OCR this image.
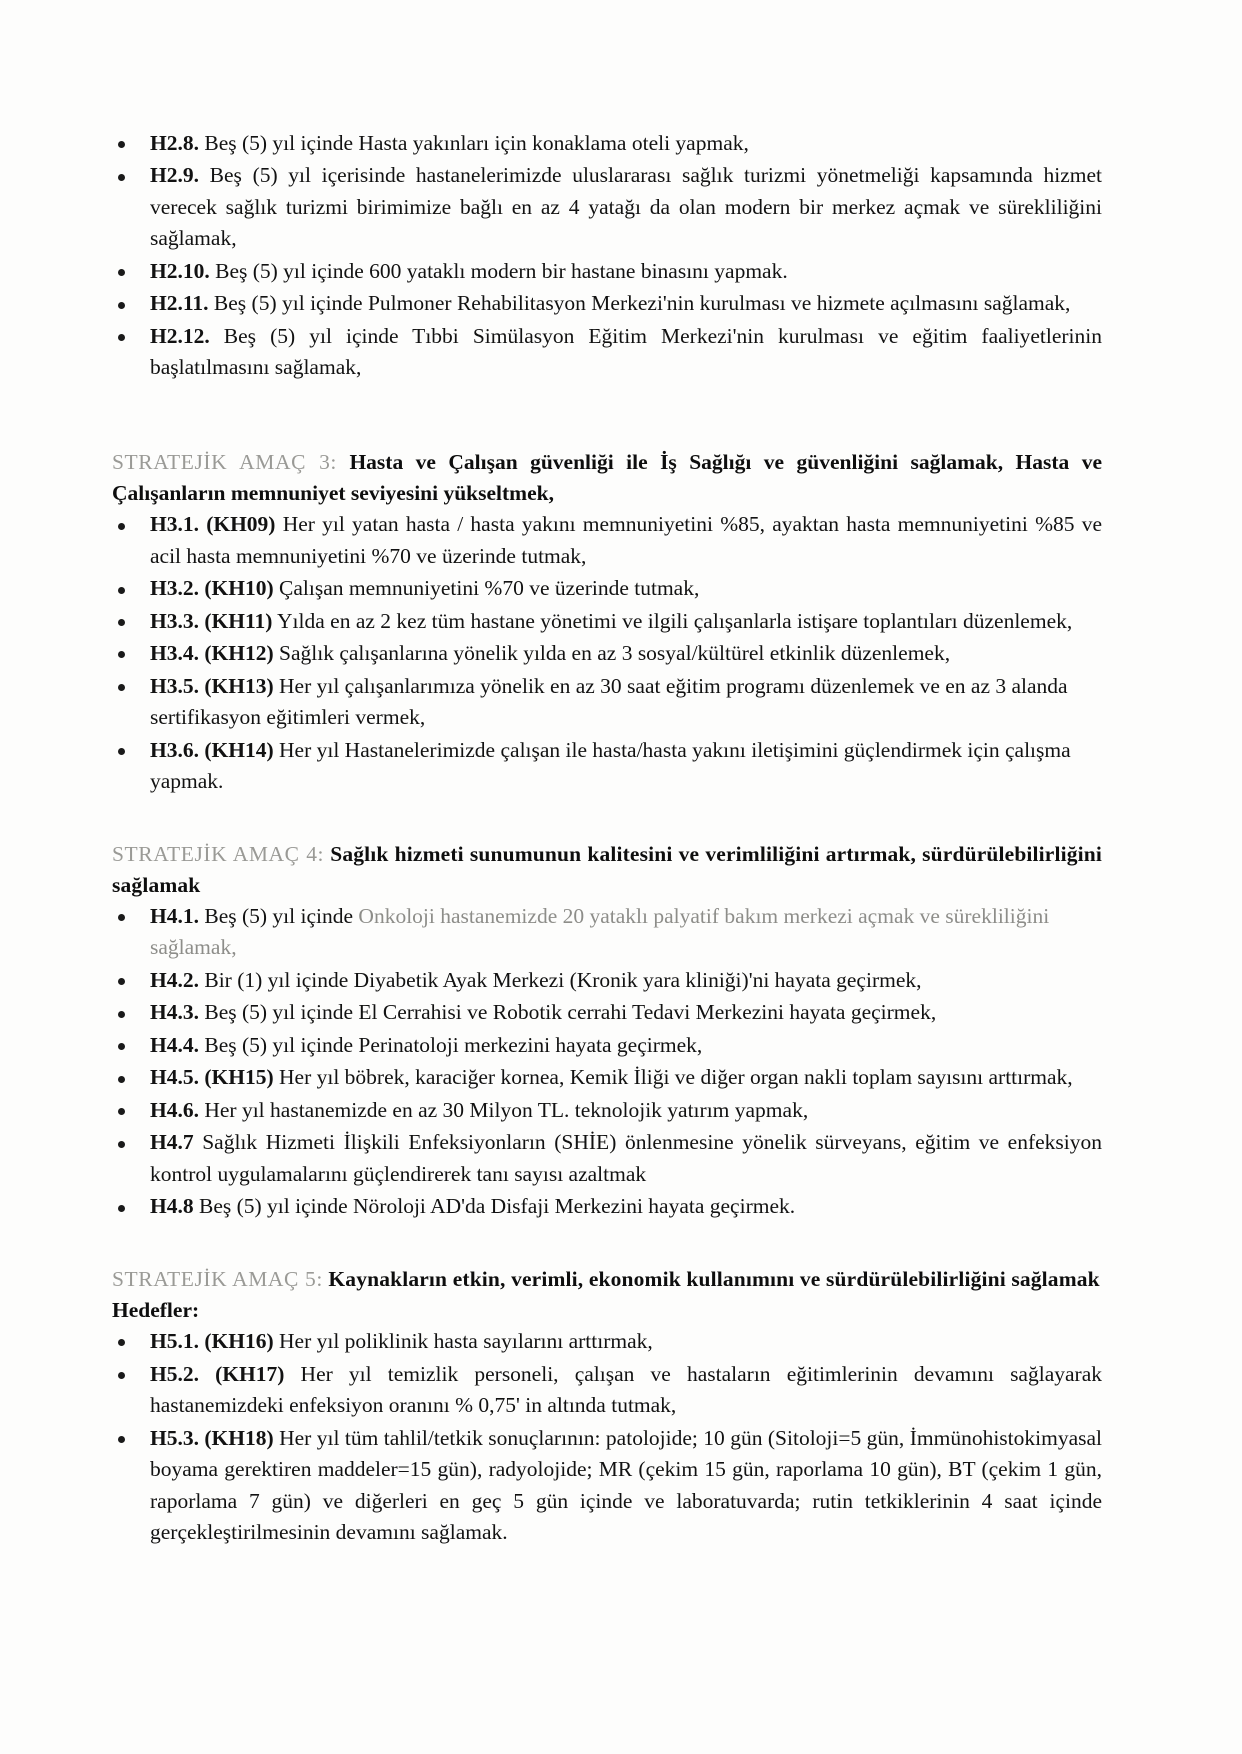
H2.8. Beş (5) yıl içinde Hasta yakınları için konaklama oteli yapmak,
H2.9. Beş (5) yıl içerisinde hastanelerimizde uluslararası sağlık turizmi yönetmeliği kapsamında hizmet verecek sağlık turizmi birimimize bağlı en az 4 yatağı da olan modern bir merkez açmak ve sürekliliğini sağlamak,
H2.10. Beş (5) yıl içinde 600 yataklı modern bir hastane binasını yapmak.
H2.11. Beş (5) yıl içinde Pulmoner Rehabilitasyon Merkezi'nin kurulması ve hizmete açılmasını sağlamak,
H2.12. Beş (5) yıl içinde Tıbbi Simülasyon Eğitim Merkezi'nin kurulması ve eğitim faaliyetlerinin başlatılmasını sağlamak,

STRATEJİK AMAÇ 3: Hasta ve Çalışan güvenliği ile İş Sağlığı ve güvenliğini sağlamak, Hasta ve Çalışanların memnuniyet seviyesini yükseltmek,

H3.1. (KH09) Her yıl yatan hasta / hasta yakını memnuniyetini %85, ayaktan hasta memnuniyetini %85 ve acil hasta memnuniyetini %70 ve üzerinde tutmak,
H3.2. (KH10) Çalışan memnuniyetini %70 ve üzerinde tutmak,
H3.3. (KH11) Yılda en az 2 kez tüm hastane yönetimi ve ilgili çalışanlarla istişare toplantıları düzenlemek,
H3.4. (KH12) Sağlık çalışanlarına yönelik yılda en az 3 sosyal/kültürel etkinlik düzenlemek,
H3.5. (KH13) Her yıl çalışanlarımıza yönelik en az 30 saat eğitim programı düzenlemek ve en az 3 alanda sertifikasyon eğitimleri vermek,
H3.6. (KH14) Her yıl Hastanelerimizde çalışan ile hasta/hasta yakını iletişimini güçlendirmek için çalışma yapmak.

STRATEJİK AMAÇ 4: Sağlık hizmeti sunumunun kalitesini ve verimliliğini artırmak, sürdürülebilirliğini sağlamak

H4.1. Beş (5) yıl içinde Onkoloji hastanemizde 20 yataklı palyatif bakım merkezi açmak ve sürekliliğini sağlamak,
H4.2. Bir (1) yıl içinde Diyabetik Ayak Merkezi (Kronik yara kliniği)'ni hayata geçirmek,
H4.3. Beş (5) yıl içinde El Cerrahisi ve Robotik cerrahi Tedavi Merkezini hayata geçirmek,
H4.4. Beş (5) yıl içinde Perinatoloji merkezini hayata geçirmek,
H4.5. (KH15) Her yıl böbrek, karaciğer kornea, Kemik İliği ve diğer organ nakli toplam sayısını arttırmak,
H4.6. Her yıl hastanemizde en az 30 Milyon TL. teknolojik yatırım yapmak,
H4.7 Sağlık Hizmeti İlişkili Enfeksiyonların (SHİE) önlenmesine yönelik sürveyans, eğitim ve enfeksiyon kontrol uygulamalarını güçlendirerek tanı sayısı azaltmak
H4.8 Beş (5) yıl içinde Nöroloji AD'da Disfaji Merkezini hayata geçirmek.

STRATEJİK AMAÇ 5: Kaynakların etkin, verimli, ekonomik kullanımını ve sürdürülebilirliğini sağlamak

Hedefler:

H5.1. (KH16) Her yıl poliklinik hasta sayılarını arttırmak,
H5.2. (KH17) Her yıl temizlik personeli, çalışan ve hastaların eğitimlerinin devamını sağlayarak hastanemizdeki enfeksiyon oranını % 0,75' in altında tutmak,
H5.3. (KH18) Her yıl tüm tahlil/tetkik sonuçlarının: patolojide; 10 gün (Sitoloji=5 gün, İmmünohistokimyasal boyama gerektiren maddeler=15 gün), radyolojide; MR (çekim 15 gün, raporlama 10 gün), BT (çekim 1 gün, raporlama 7 gün) ve diğerleri en geç 5 gün içinde ve laboratuvarda; rutin tetkiklerinin 4 saat içinde gerçekleştirilmesinin devamını sağlamak.
